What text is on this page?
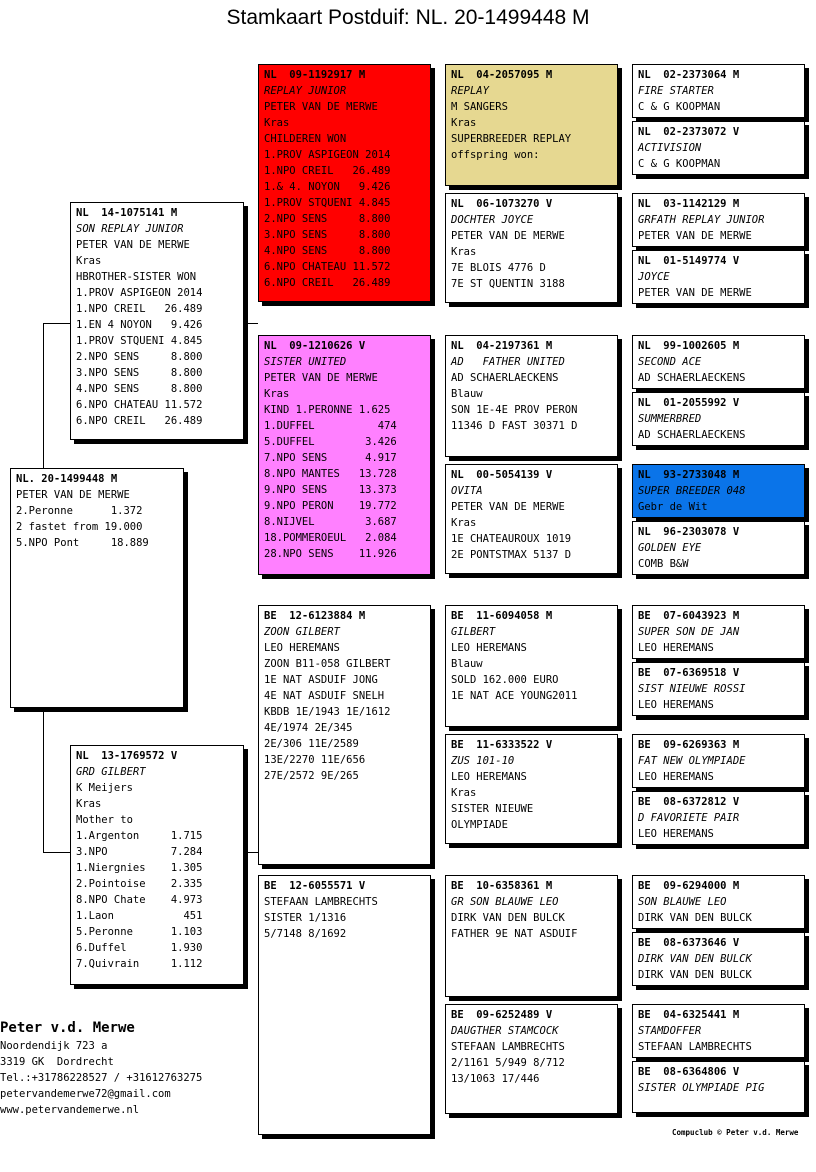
Stamkaart Postduif: NL. 20-1499448 M
NL. 20-1499448 M
PETER VAN DE MERWE
2.Peronne      1.372
2 fastet from 19.000
5.NPO Pont     18.889
NL  14-1075141 M
SON REPLAY JUNIOR
PETER VAN DE MERWE
Kras
HBROTHER-SISTER WON
1.PROV ASPIGEON 2014
1.NPO CREIL   26.489
1.EN 4 NOYON   9.426
1.PROV STQUENI 4.845
2.NPO SENS     8.800
3.NPO SENS     8.800
4.NPO SENS     8.800
6.NPO CHATEAU 11.572
6.NPO CREIL   26.489
NL  13-1769572 V
GRD GILBERT
K Meijers
Kras
Mother to
1.Argenton     1.715
3.NPO          7.284
1.Niergnies    1.305
2.Pointoise    2.335
8.NPO Chate    4.973
1.Laon           451
5.Peronne      1.103
6.Duffel       1.930
7.Quivrain     1.112
NL  09-1192917 M
REPLAY JUNIOR
PETER VAN DE MERWE
Kras
CHILDEREN WON
1.PROV ASPIGEON 2014
1.NPO CREIL   26.489
1.& 4. NOYON   9.426
1.PROV STQUENI 4.845
2.NPO SENS     8.800
3.NPO SENS     8.800
4.NPO SENS     8.800
6.NPO CHATEAU 11.572
6.NPO CREIL   26.489
NL  09-1210626 V
SISTER UNITED
PETER VAN DE MERWE
Kras
KIND 1.PERONNE 1.625
1.DUFFEL          474
5.DUFFEL        3.426
7.NPO SENS      4.917
8.NPO MANTES   13.728
9.NPO SENS     13.373
9.NPO PERON    19.772
8.NIJVEL        3.687
18.POMMEROEUL   2.084
28.NPO SENS    11.926
BE  12-6123884 M
ZOON GILBERT
LEO HEREMANS
ZOON B11-058 GILBERT
1E NAT ASDUIF JONG
4E NAT ASDUIF SNELH
KBDB 1E/1943 1E/1612
4E/1974 2E/345
2E/306 11E/2589
13E/2270 11E/656
27E/2572 9E/265
BE  12-6055571 V
STEFAAN LAMBRECHTS
SISTER 1/1316
5/7148 8/1692
NL  04-2057095 M
REPLAY
M SANGERS
Kras
SUPERBREEDER REPLAY
offspring won:
NL  06-1073270 V
DOCHTER JOYCE
PETER VAN DE MERWE
Kras
7E BLOIS 4776 D
7E ST QUENTIN 3188
NL  04-2197361 M
AD   FATHER UNITED
AD SCHAERLAECKENS
Blauw
SON 1E-4E PROV PERON
11346 D FAST 30371 D
NL  00-5054139 V
OVITA
PETER VAN DE MERWE
Kras
1E CHATEAUROUX 1019
2E PONTSTMAX 5137 D
BE  11-6094058 M
GILBERT
LEO HEREMANS
Blauw
SOLD 162.000 EURO
1E NAT ACE YOUNG2011
BE  11-6333522 V
ZUS 101-10
LEO HEREMANS
Kras
SISTER NIEUWE
OLYMPIADE
BE  10-6358361 M
GR SON BLAUWE LEO
DIRK VAN DEN BULCK
FATHER 9E NAT ASDUIF
BE  09-6252489 V
DAUGTHER STAMCOCK
STEFAAN LAMBRECHTS
2/1161 5/949 8/712
13/1063 17/446
NL  02-2373064 M
FIRE STARTER
C & G KOOPMAN
NL  02-2373072 V
ACTIVISION
C & G KOOPMAN
NL  03-1142129 M
GRFATH REPLAY JUNIOR
PETER VAN DE MERWE
NL  01-5149774 V
JOYCE
PETER VAN DE MERWE
NL  99-1002605 M
SECOND ACE
AD SCHAERLAECKENS
NL  01-2055992 V
SUMMERBRED
AD SCHAERLAECKENS
NL  93-2733048 M
SUPER BREEDER 048
Gebr de Wit
NL  96-2303078 V
GOLDEN EYE
COMB B&W
BE  07-6043923 M
SUPER SON DE JAN
LEO HEREMANS
BE  07-6369518 V
SIST NIEUWE ROSSI
LEO HEREMANS
BE  09-6269363 M
FAT NEW OLYMPIADE
LEO HEREMANS
BE  08-6372812 V
D FAVORIETE PAIR
LEO HEREMANS
BE  09-6294000 M
SON BLAUWE LEO
DIRK VAN DEN BULCK
BE  08-6373646 V
DIRK VAN DEN BULCK
DIRK VAN DEN BULCK
BE  04-6325441 M
STAMDOFFER
STEFAAN LAMBRECHTS
BE  08-6364806 V
SISTER OLYMPIADE PIG
Peter v.d. Merwe
Noordendijk 723 a
3319 GK  Dordrecht
Tel.:+31786228527 / +31612763275
petervandemerwe72@gmail.com
www.petervandemerwe.nl
Compuclub © Peter v.d. Merwe
